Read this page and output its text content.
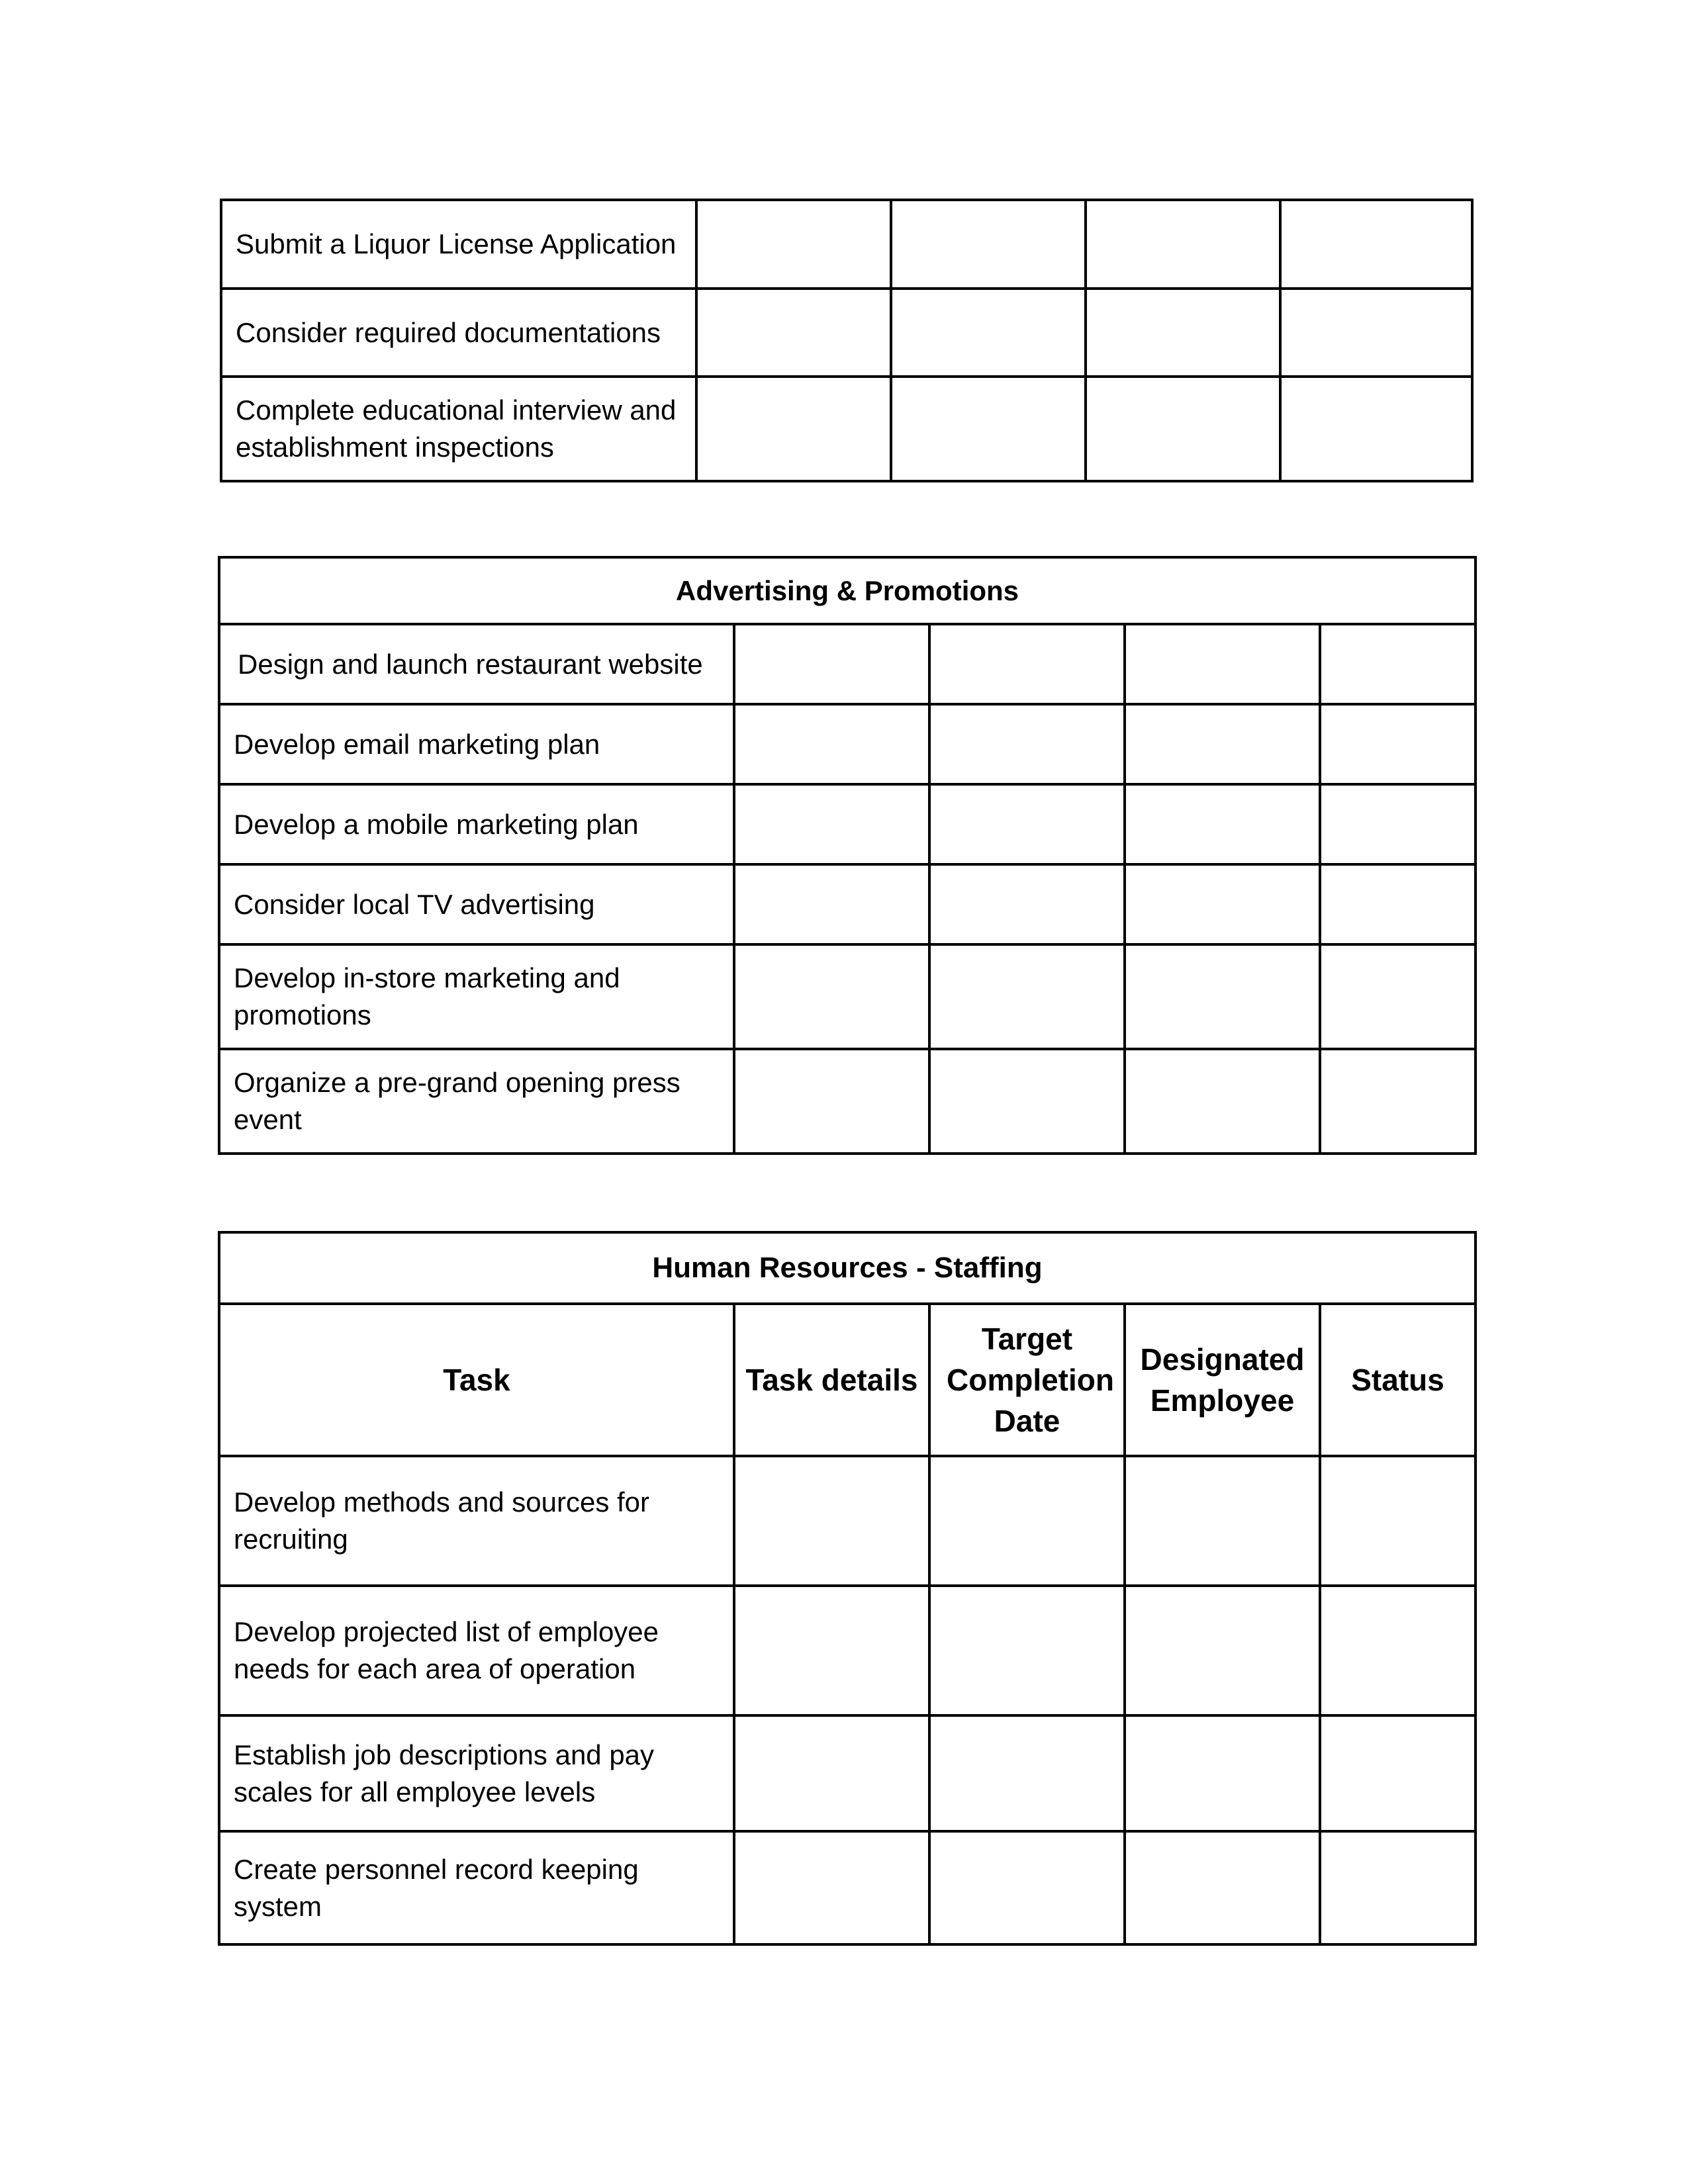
Submit a Liquor License Application				
Consider required documentations				
Complete educational interview and establishment inspections				
Advertising & Promotions				
Design and launch restaurant website				
Develop email marketing plan				
Develop a mobile marketing plan				
Consider local TV advertising				
Develop in-store marketing and promotions				
Organize a pre-grand opening press event				
Human Resources - Staffing				
Task	Task details	Target Completion Date	Designated Employee	Status
Develop methods and sources for recruiting				
Develop projected list of employee needs for each area of operation				
Establish job descriptions and pay scales for all employee levels				
Create personnel record keeping system				
